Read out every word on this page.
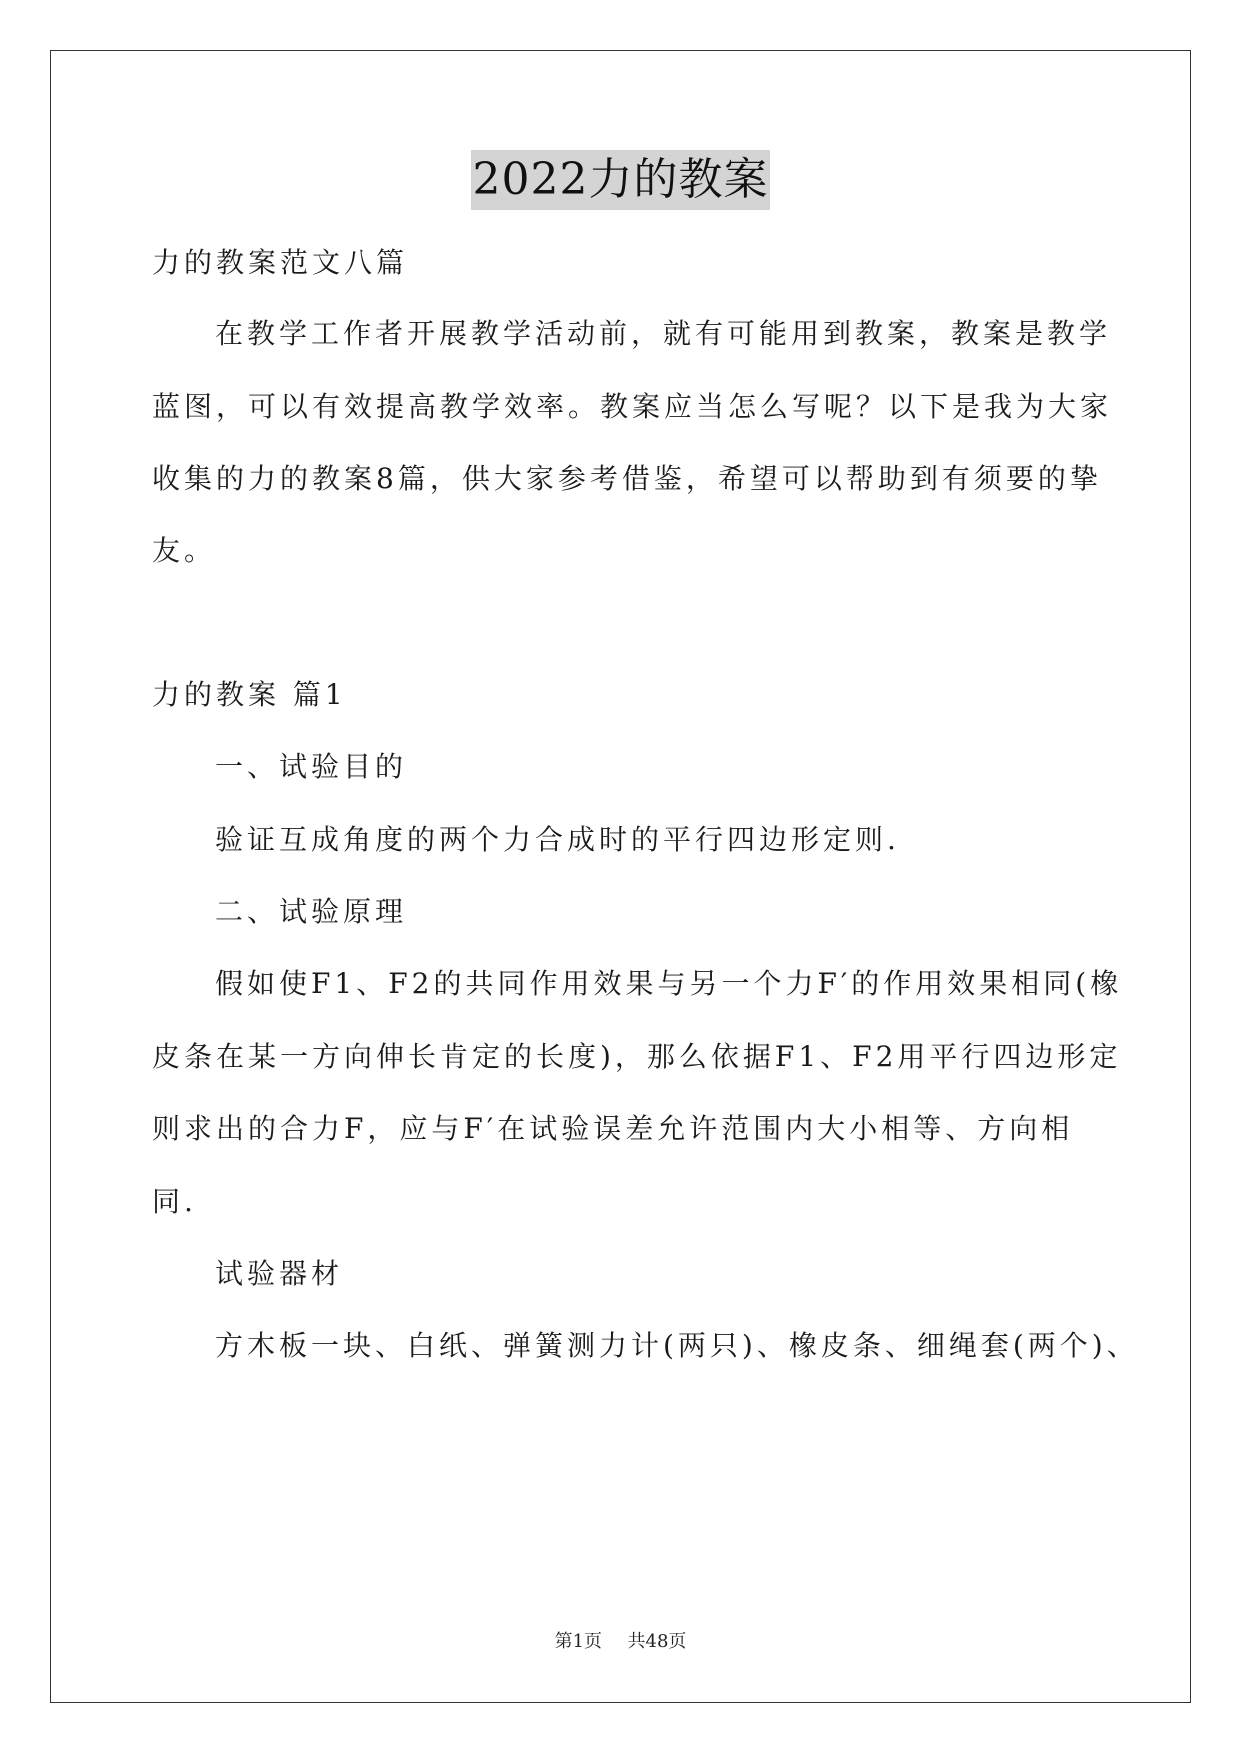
2022力的教案
力的教案范文八篇
在教学工作者开展教学活动前，就有可能用到教案，教案是教学
蓝图，可以有效提高教学效率。教案应当怎么写呢？以下是我为大家
收集的力的教案8篇，供大家参考借鉴，希望可以帮助到有须要的挚
友。
力的教案 篇1
一、试验目的
验证互成角度的两个力合成时的平行四边形定则.
二、试验原理
假如使F1、F2的共同作用效果与另一个力F′的作用效果相同(橡
皮条在某一方向伸长肯定的长度)，那么依据F1、F2用平行四边形定
则求出的合力F，应与F′在试验误差允许范围内大小相等、方向相
同.
试验器材
方木板一块、白纸、弹簧测力计(两只)、橡皮条、细绳套(两个)、
第1页 共48页
